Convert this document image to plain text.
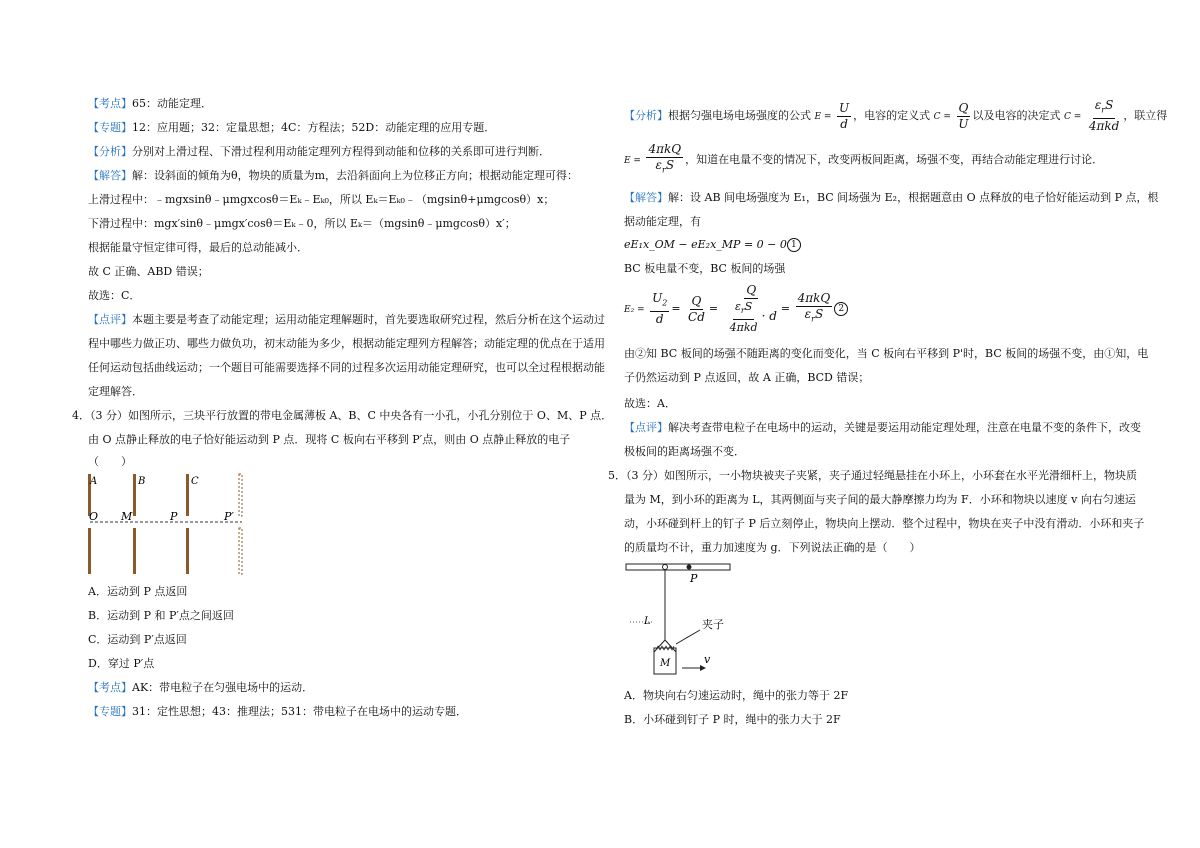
【 考点 】 65：动能定理．
【 专题 】 12：应用题；32：定量思想；4C：方程法；52D：动能定理的应用专题．
【 分析 】 分别对上滑过程、下滑过程利用动能定理列方程得到动能和位移的关系即可进行判断．
【 解答 】 解：设斜面的倾角为θ，物块的质量为m，去沿斜面向上为位移正方向；根据动能定理可得：
上滑过程中：﹣mgxsinθ﹣μmgxcosθ＝Eₖ﹣Eₖ₀，所以 Eₖ＝Eₖ₀﹣（mgsinθ+μmgcosθ）x；
下滑过程中：mgx′sinθ﹣μmgx′cosθ＝Eₖ﹣0，所以 Eₖ＝（mgsinθ﹣μmgcosθ）x′；
根据能量守恒定律可得，最后的总动能减小．
故 C 正确、ABD 错误；
故选：C．
【 点评 】 本题主要是考查了动能定理；运用动能定理解题时，首先要选取研究过程，然后分析在这个运动过
程中哪些力做正功、哪些力做负功，初末动能为多少，根据动能定理列方程解答；动能定理的优点在于适用
任何运动包括曲线运动；一个题目可能需要选择不同的过程多次运用动能定理研究，也可以全过程根据动能
定理解答．
4．（3 分）如图所示，三块平行放置的带电金属薄板 A、B、C 中央各有一小孔，小孔分别位于 O、M、P 点．
由 O 点静止释放的电子恰好能运动到 P 点．现将 C 板向右平移到 P′点，则由 O 点静止释放的电子
（　　）
A	B	C
O M	P	P′
A．运动到 P 点返回
B．运动到 P 和 P′点之间返回
C．运动到 P′点返回
D．穿过 P′点
【 考点 】 AK：带电粒子在匀强电场中的运动．
【 专题 】 31：定性思想；43：推理法；531：带电粒子在电场中的运动专题．
【 分析 】 根据匀强电场电场强度的公式 $E = \frac{U}{d}$ ，电容的定义式 $C = \frac{Q}{U}$ 以及电容的决定式 $C = \frac{\varepsilon_rS}{\text{4πkd}}$ ，联立得
$E = \frac{\text{4πkQ}}{\varepsilon_rS}$ ，知道在电量不变的情况下，改变两板间距离，场强不变，再结合动能定理进行讨论．
【 解答 】 解：设 AB 间电场强度为 E₁，BC 间场强为 E₂，根据题意由 O 点释放的电子恰好能运动到 P 点，根
据动能定理，有
eE₁x_OM − eE₂x_MP = 0 − 0 1
BC 板电量不变，BC 板间的场强
$E_2 = \frac{U_2}{d} = \frac{Q}{Cd} = \frac{Q}{\frac{\varepsilon_rS}{\text{4πkd}} \cdot d} = \frac{\text{4πkQ}}{\varepsilon_rS} 2$
由②知 BC 板间的场强不随距离的变化而变化，当 C 板向右平移到 P'时，BC 板间的场强不变，由①知，电
子仍然运动到 P 点返回，故 A 正确，BCD 错误；
故选：A．
【 点评 】 解决考查带电粒子在电场中的运动，关键是要运用动能定理处理，注意在电量不变的条件下，改变
极板间的距离场强不变．
5．（3 分）如图所示，一小物块被夹子夹紧，夹子通过轻绳悬挂在小环上，小环套在水平光滑细杆上，物块质
量为 M，到小环的距离为 L，其两侧面与夹子间的最大静摩擦力均为 F．小环和物块以速度 v 向右匀速运
动，小环碰到杆上的钉子 P 后立刻停止，物块向上摆动．整个过程中，物块在夹子中没有滑动．小环和夹子
的质量均不计，重力加速度为 g．下列说法正确的是（　　）
P
L
M
夹子
v
A．物块向右匀速运动时，绳中的张力等于 2F
B．小环碰到钉子 P 时，绳中的张力大于 2F
